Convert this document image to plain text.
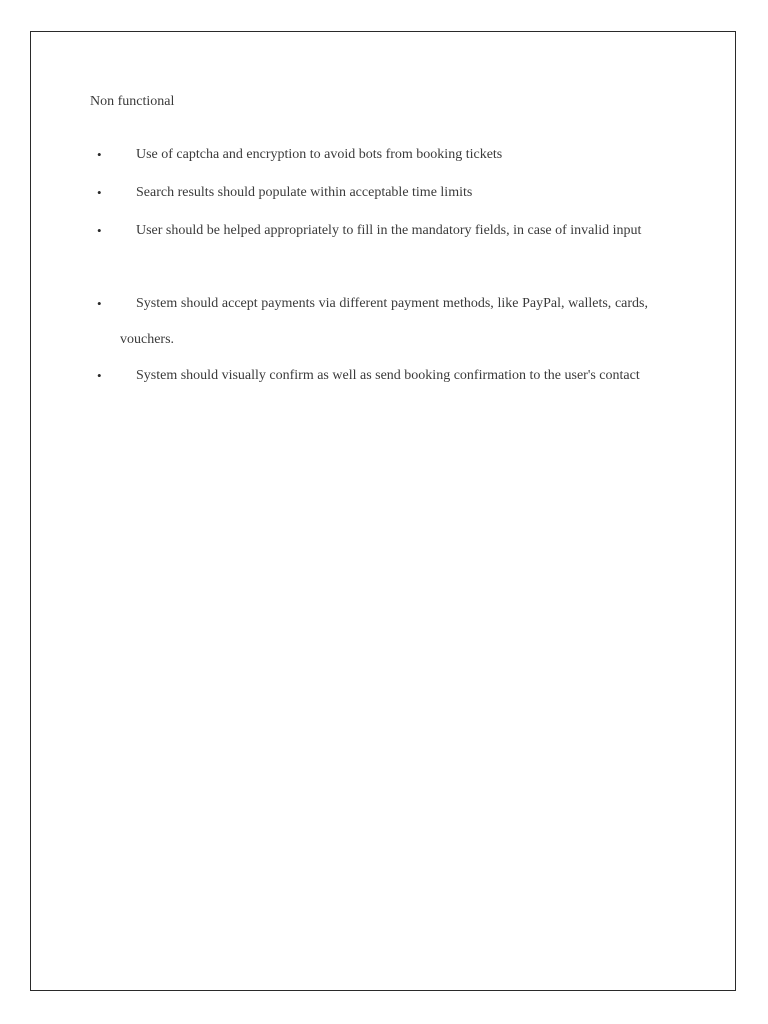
Non functional
•	Use of captcha and encryption to avoid bots from booking tickets
•	Search results should populate within acceptable time limits
•	User should be helped appropriately to fill in the mandatory fields, in case of invalid input
•	System should accept payments via different payment methods, like PayPal, wallets, cards, vouchers.
•	System should visually confirm as well as send booking confirmation to the user's contact
